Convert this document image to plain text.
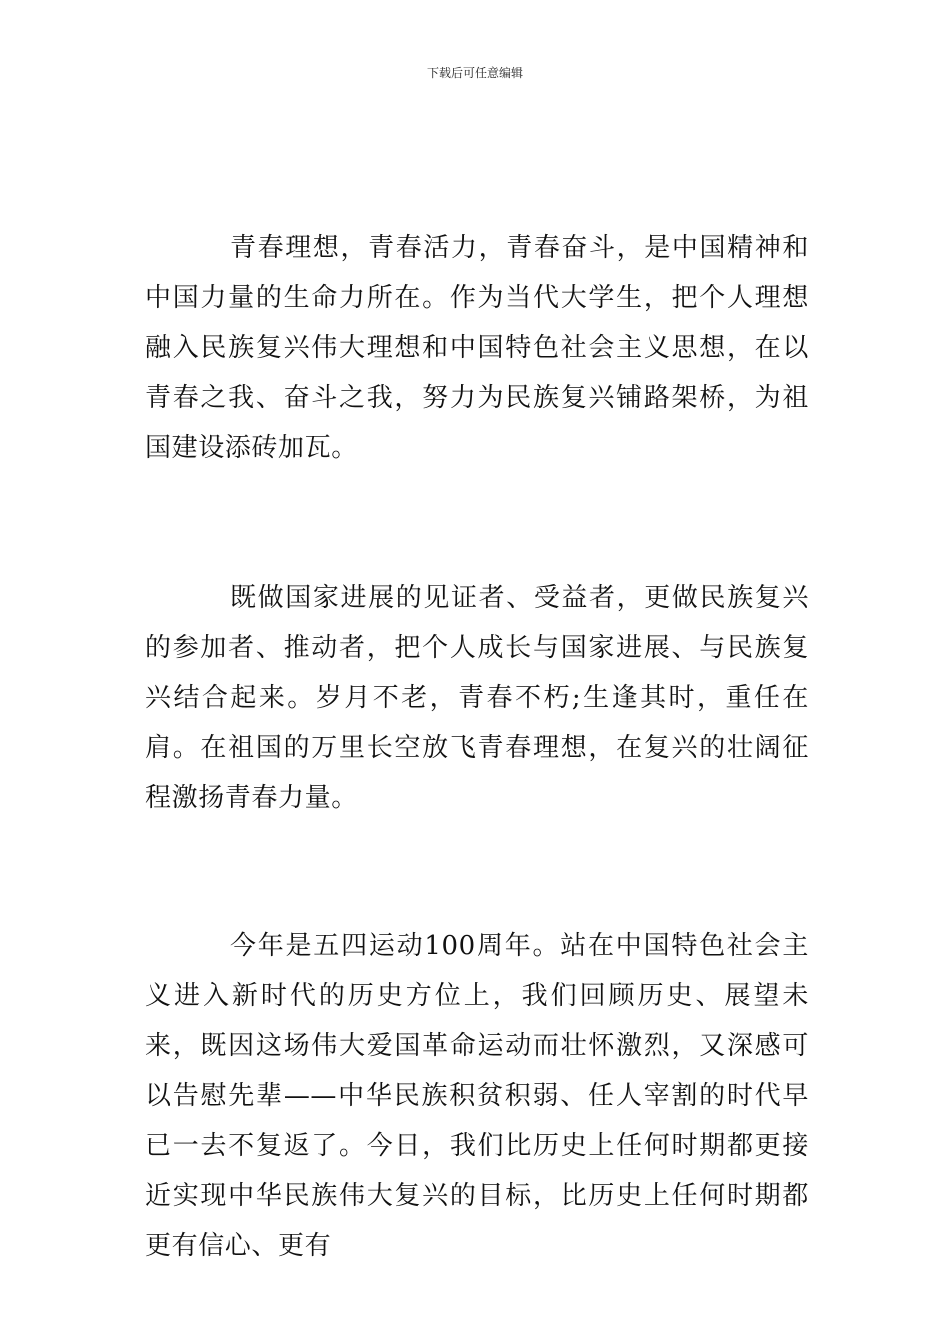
下载后可任意编辑

青春理想，青春活力，青春奋斗，是中国精神和中国力量的生命力所在。作为当代大学生，把个人理想融入民族复兴伟大理想和中国特色社会主义思想，在以青春之我、奋斗之我，努力为民族复兴铺路架桥，为祖国建设添砖加瓦。

既做国家进展的见证者、受益者，更做民族复兴的参加者、推动者，把个人成长与国家进展、与民族复兴结合起来。岁月不老，青春不朽;生逢其时，重任在肩。在祖国的万里长空放飞青春理想，在复兴的壮阔征程激扬青春力量。

今年是五四运动100周年。站在中国特色社会主义进入新时代的历史方位上，我们回顾历史、展望未来，既因这场伟大爱国革命运动而壮怀激烈，又深感可以告慰先辈——中华民族积贫积弱、任人宰割的时代早已一去不复返了。今日，我们比历史上任何时期都更接近实现中华民族伟大复兴的目标，比历史上任何时期都更有信心、更有
